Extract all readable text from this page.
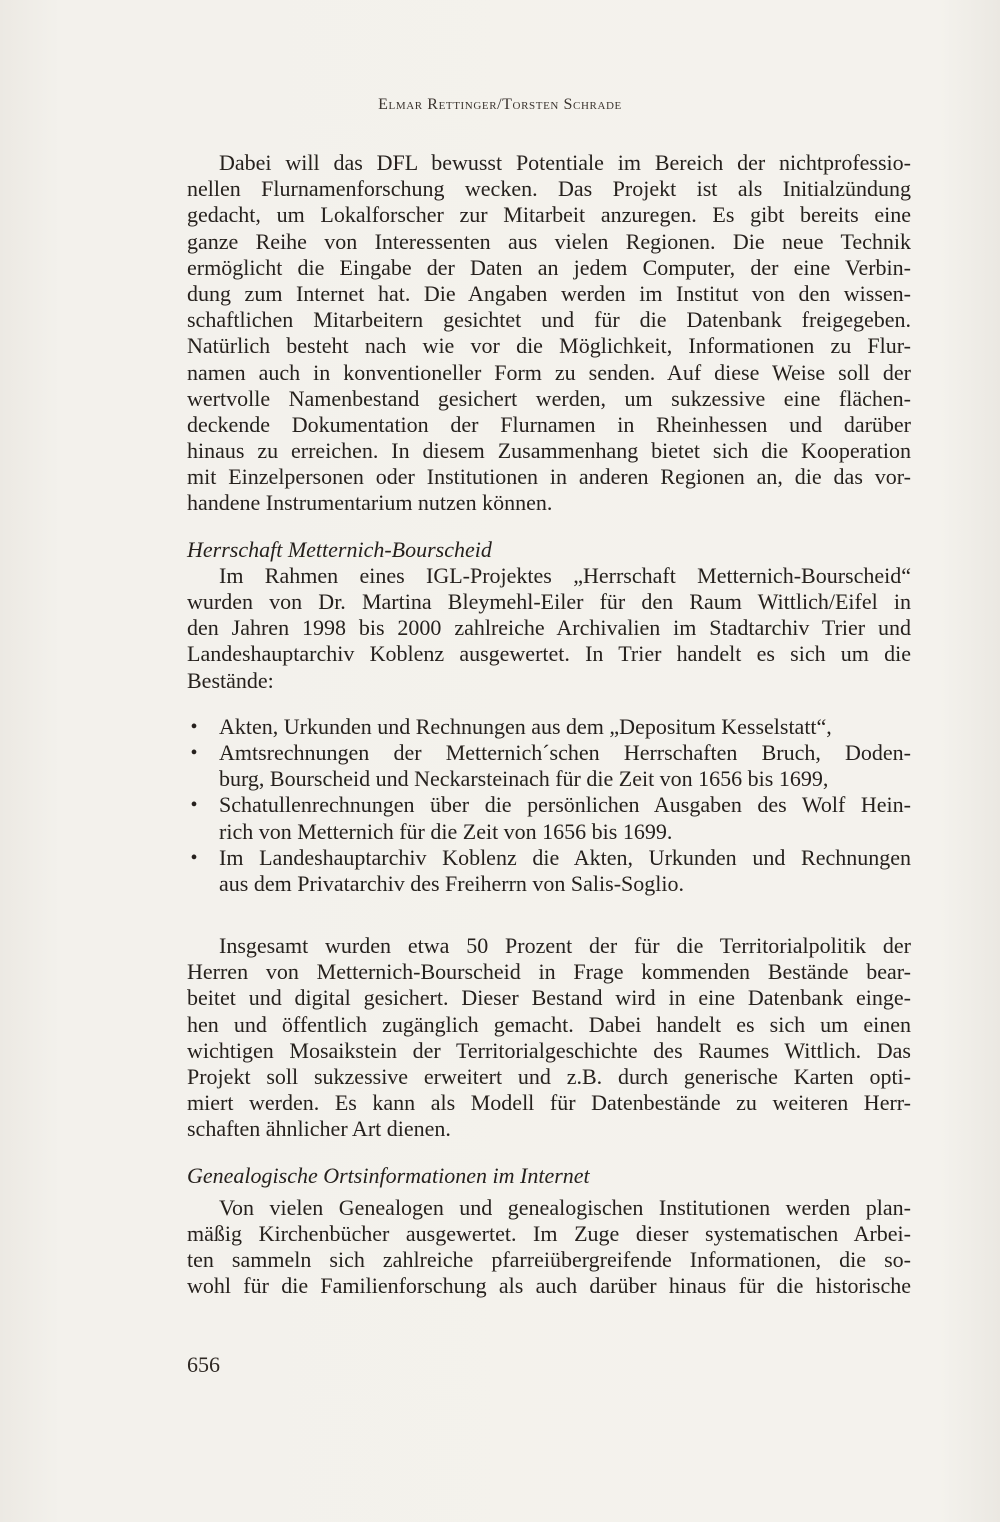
Elmar Rettinger/Torsten Schrade
Dabei will das DFL bewusst Potentiale im Bereich der nichtprofessio-
nellen Flurnamenforschung wecken. Das Projekt ist als Initialzündung
gedacht, um Lokalforscher zur Mitarbeit anzuregen. Es gibt bereits eine
ganze Reihe von Interessenten aus vielen Regionen. Die neue Technik
ermöglicht die Eingabe der Daten an jedem Computer, der eine Verbin-
dung zum Internet hat. Die Angaben werden im Institut von den wissen-
schaftlichen Mitarbeitern gesichtet und für die Datenbank freigegeben.
Natürlich besteht nach wie vor die Möglichkeit, Informationen zu Flur-
namen auch in konventioneller Form zu senden. Auf diese Weise soll der
wertvolle Namenbestand gesichert werden, um sukzessive eine flächen-
deckende Dokumentation der Flurnamen in Rheinhessen und darüber
hinaus zu erreichen. In diesem Zusammenhang bietet sich die Kooperation
mit Einzelpersonen oder Institutionen in anderen Regionen an, die das vor-
handene Instrumentarium nutzen können.
Herrschaft Metternich-Bourscheid
Im Rahmen eines IGL-Projektes „Herrschaft Metternich-Bourscheid“
wurden von Dr. Martina Bleymehl-Eiler für den Raum Wittlich/Eifel in
den Jahren 1998 bis 2000 zahlreiche Archivalien im Stadtarchiv Trier und
Landeshauptarchiv Koblenz ausgewertet. In Trier handelt es sich um die
Bestände:
• Akten, Urkunden und Rechnungen aus dem „Depositum Kesselstatt“,
• Amtsrechnungen der Metternich´schen Herrschaften Bruch, Doden-
burg, Bourscheid und Neckarsteinach für die Zeit von 1656 bis 1699,
• Schatullenrechnungen über die persönlichen Ausgaben des Wolf Hein-
rich von Metternich für die Zeit von 1656 bis 1699.
• Im Landeshauptarchiv Koblenz die Akten, Urkunden und Rechnungen
aus dem Privatarchiv des Freiherrn von Salis-Soglio.
Insgesamt wurden etwa 50 Prozent der für die Territorialpolitik der
Herren von Metternich-Bourscheid in Frage kommenden Bestände bear-
beitet und digital gesichert. Dieser Bestand wird in eine Datenbank einge-
hen und öffentlich zugänglich gemacht. Dabei handelt es sich um einen
wichtigen Mosaikstein der Territorialgeschichte des Raumes Wittlich. Das
Projekt soll sukzessive erweitert und z.B. durch generische Karten opti-
miert werden. Es kann als Modell für Datenbestände zu weiteren Herr-
schaften ähnlicher Art dienen.
Genealogische Ortsinformationen im Internet
Von vielen Genealogen und genealogischen Institutionen werden plan-
mäßig Kirchenbücher ausgewertet. Im Zuge dieser systematischen Arbei-
ten sammeln sich zahlreiche pfarreiübergreifende Informationen, die so-
wohl für die Familienforschung als auch darüber hinaus für die historische
656
